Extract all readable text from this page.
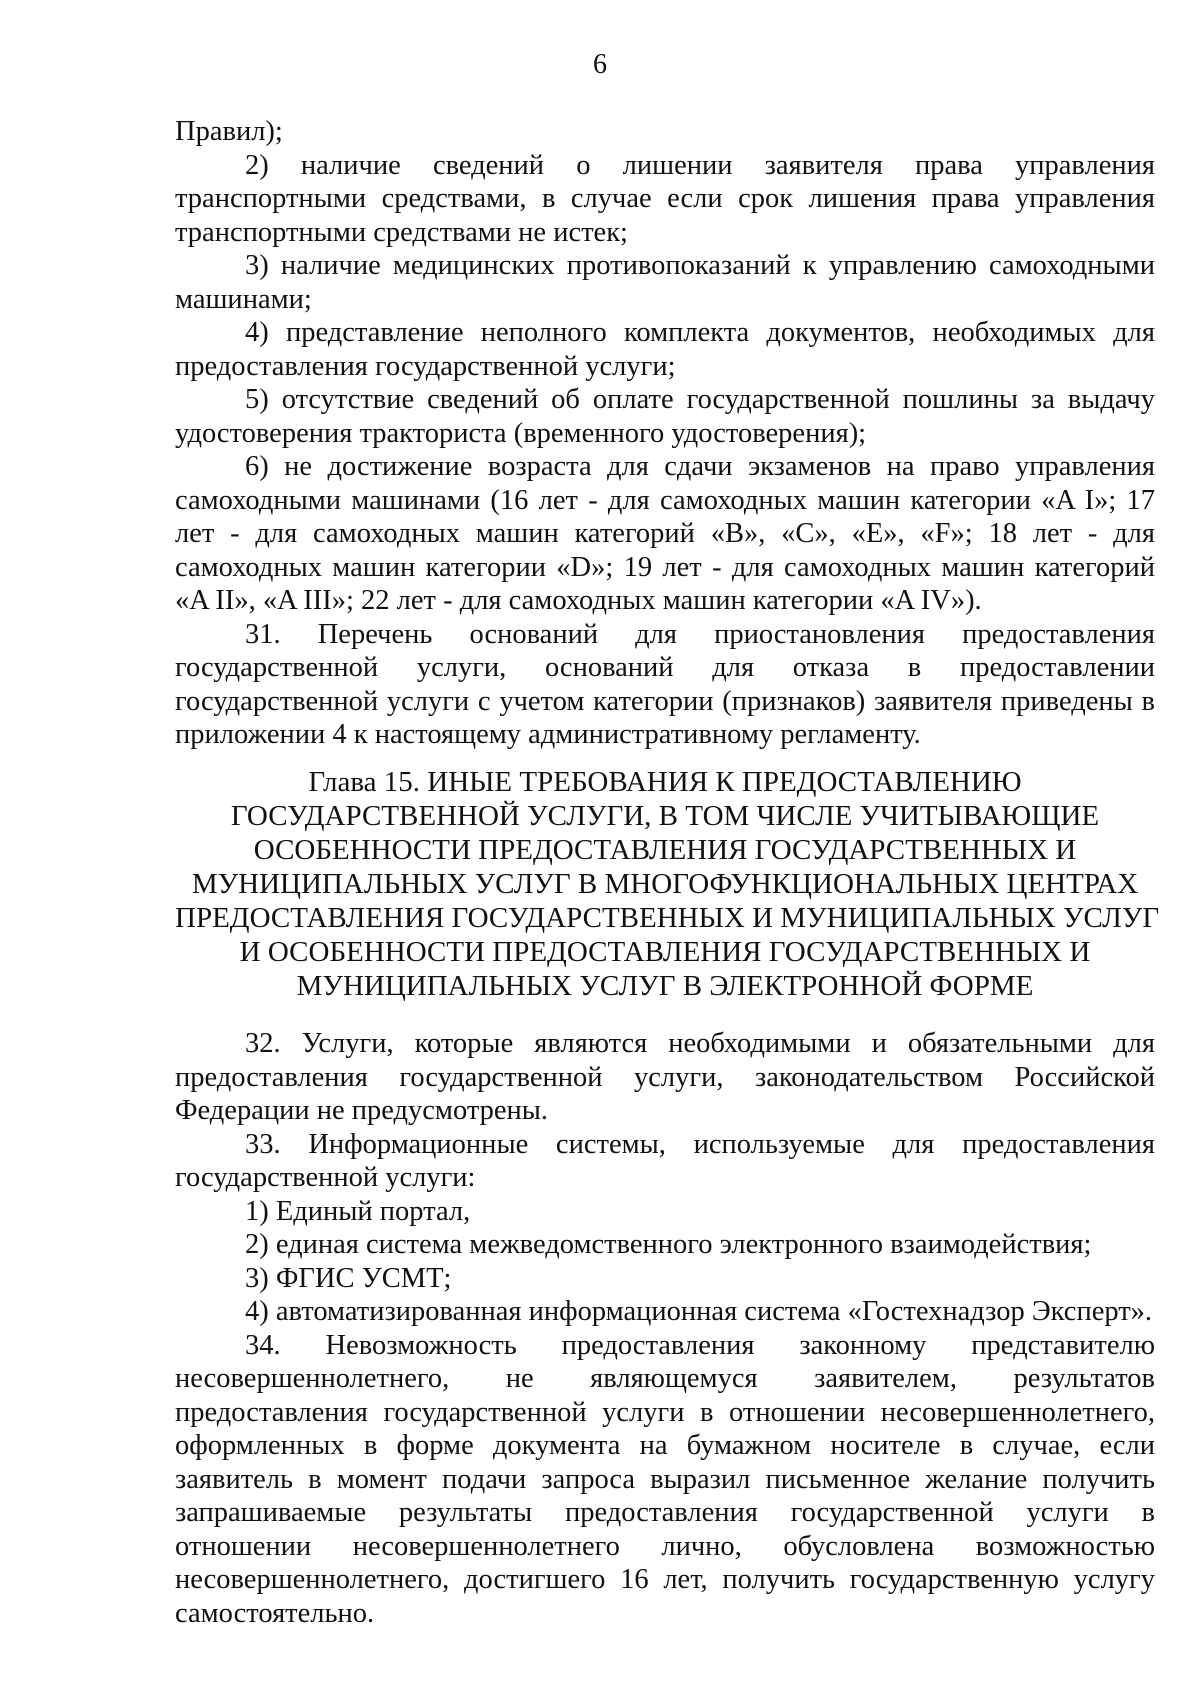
6

Правил);

2) наличие сведений о лишении заявителя права управления транспортными средствами, в случае если срок лишения права управления транспортными средствами не истек;

3) наличие медицинских противопоказаний к управлению самоходными машинами;

4) представление неполного комплекта документов, необходимых для предоставления государственной услуги;

5) отсутствие сведений об оплате государственной пошлины за выдачу удостоверения тракториста (временного удостоверения);

6) не достижение возраста для сдачи экзаменов на право управления самоходными машинами (16 лет - для самоходных машин категории «A I»; 17 лет - для самоходных машин категорий «B», «C», «E», «F»; 18 лет - для самоходных машин категории «D»; 19 лет - для самоходных машин категорий «A II», «A III»; 22 лет - для самоходных машин категории «A IV»).

31. Перечень оснований для приостановления предоставления государственной услуги, оснований для отказа в предоставлении государственной услуги с учетом категории (признаков) заявителя приведены в приложении 4 к настоящему административному регламенту.

Глава 15. ИНЫЕ ТРЕБОВАНИЯ К ПРЕДОСТАВЛЕНИЮ
ГОСУДАРСТВЕННОЙ УСЛУГИ, В ТОМ ЧИСЛЕ УЧИТЫВАЮЩИЕ
ОСОБЕННОСТИ ПРЕДОСТАВЛЕНИЯ ГОСУДАРСТВЕННЫХ И
МУНИЦИПАЛЬНЫХ УСЛУГ В МНОГОФУНКЦИОНАЛЬНЫХ ЦЕНТРАХ
ПРЕДОСТАВЛЕНИЯ ГОСУДАРСТВЕННЫХ И МУНИЦИПАЛЬНЫХ УСЛУГ
И ОСОБЕННОСТИ ПРЕДОСТАВЛЕНИЯ ГОСУДАРСТВЕННЫХ И
МУНИЦИПАЛЬНЫХ УСЛУГ В ЭЛЕКТРОННОЙ ФОРМЕ

32. Услуги, которые являются необходимыми и обязательными для предоставления государственной услуги, законодательством Российской Федерации не предусмотрены.

33. Информационные системы, используемые для предоставления государственной услуги:

1) Единый портал,

2) единая система межведомственного электронного взаимодействия;

3) ФГИС УСМТ;

4) автоматизированная информационная система «Гостехнадзор Эксперт».

34. Невозможность предоставления законному представителю несовершеннолетнего, не являющемуся заявителем, результатов предоставления государственной услуги в отношении несовершеннолетнего, оформленных в форме документа на бумажном носителе в случае, если заявитель в момент подачи запроса выразил письменное желание получить запрашиваемые результаты предоставления государственной услуги в отношении несовершеннолетнего лично, обусловлена возможностью несовершеннолетнего, достигшего 16 лет, получить государственную услугу самостоятельно.
